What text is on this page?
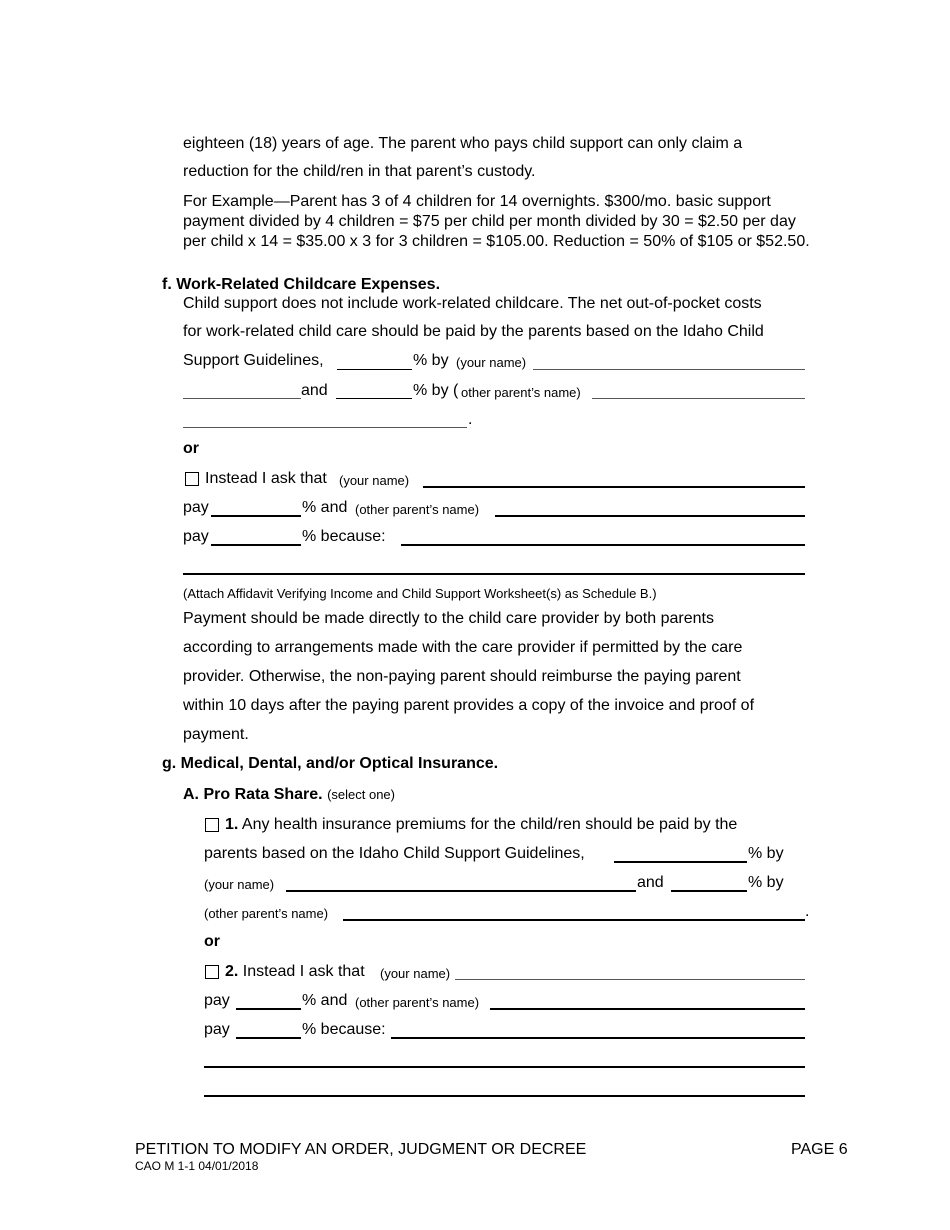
eighteen (18) years of age. The parent who pays child support can only claim a
reduction for the child/ren in that parent’s custody.
For Example—Parent has 3 of 4 children for 14 overnights. $300/mo. basic support payment divided by 4 children = $75 per child per month divided by 30 = $2.50 per day per child x 14 = $35.00 x 3 for 3 children = $105.00. Reduction = 50% of $105 or $52.50.
f. Work-Related Childcare Expenses.
Child support does not include work-related childcare. The net out-of-pocket costs
for work-related child care should be paid by the parents based on the Idaho Child
Support Guidelines,	% by (your name)
and	% by ( other parent’s name)
.
or
Instead I ask that (your name)
pay	% and (other parent’s name)
pay	% because:
(Attach Affidavit Verifying Income and Child Support Worksheet(s) as Schedule B.)
Payment should be made directly to the child care provider by both parents
according to arrangements made with the care provider if permitted by the care
provider. Otherwise, the non-paying parent should reimburse the paying parent
within 10 days after the paying parent provides a copy of the invoice and proof of
payment.
g. Medical, Dental, and/or Optical Insurance.
A. Pro Rata Share. (select one)
1. Any health insurance premiums for the child/ren should be paid by the
parents based on the Idaho Child Support Guidelines,	% by
(your name)	and	% by
(other parent’s name)	.
or
2. Instead I ask that (your name)
pay	% and (other parent’s name)
pay	% because:
PETITION TO MODIFY AN ORDER, JUDGMENT OR DECREE
CAO M 1-1 04/01/2018
PAGE 6
